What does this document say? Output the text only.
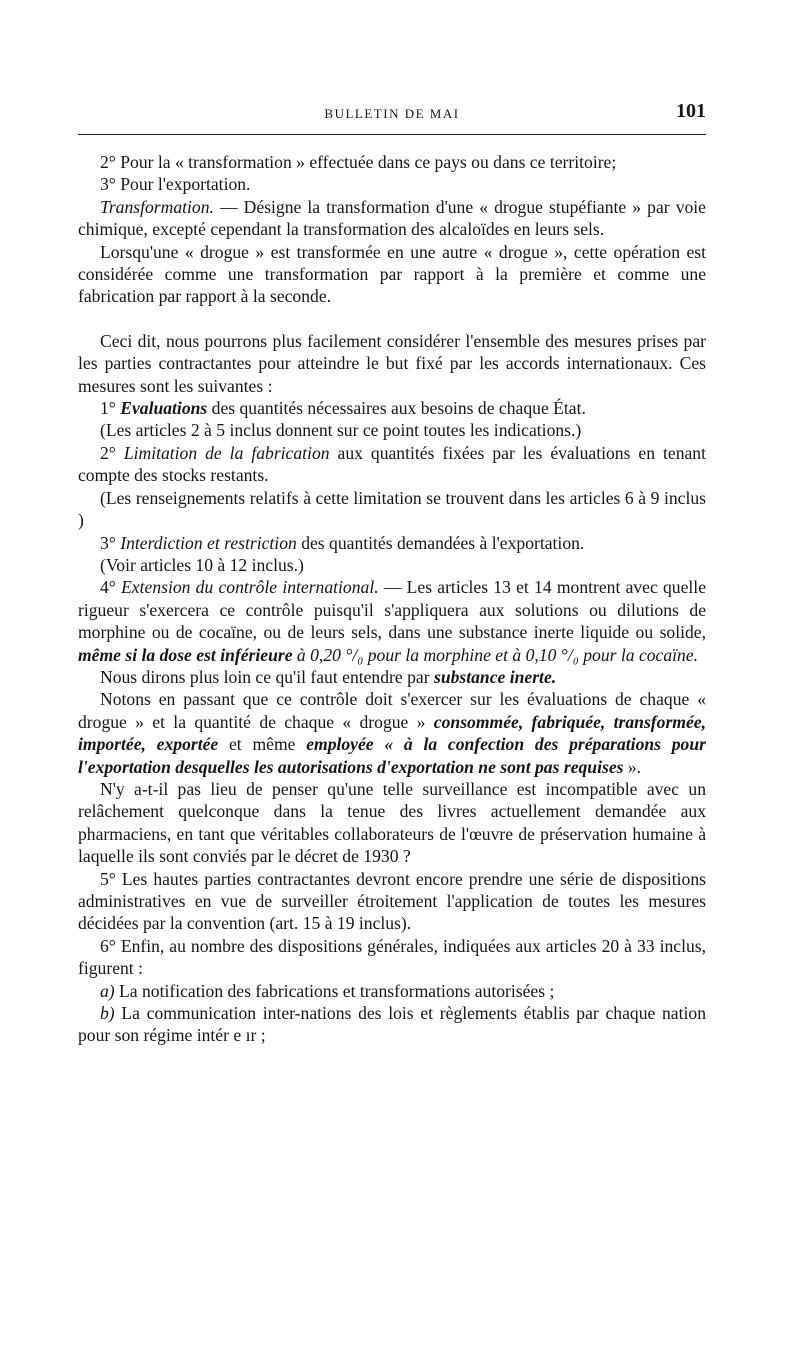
BULLETIN DE MAI	101

2° Pour la « transformation » effectuée dans ce pays ou dans ce territoire;

3° Pour l'exportation.

Transformation. — Désigne la transformation d'une « drogue stupéfiante » par voie chimique, excepté cependant la transformation des alcaloïdes en leurs sels.

Lorsqu'une « drogue » est transformée en une autre « drogue », cette opération est considérée comme une transformation par rapport à la première et comme une fabrication par rapport à la seconde.

Ceci dit, nous pourrons plus facilement considérer l'ensemble des mesures prises par les parties contractantes pour atteindre le but fixé par les accords internationaux. Ces mesures sont les suivantes :

1° Evaluations des quantités nécessaires aux besoins de chaque État.

(Les articles 2 à 5 inclus donnent sur ce point toutes les indications.)

2° Limitation de la fabrication aux quantités fixées par les évaluations en tenant compte des stocks restants.

(Les renseignements relatifs à cette limitation se trouvent dans les articles 6 à 9 inclus )

3° Interdiction et restriction des quantités demandées à l'exportation.

(Voir articles 10 à 12 inclus.)

4° Extension du contrôle international. — Les articles 13 et 14 montrent avec quelle rigueur s'exercera ce contrôle puisqu'il s'appliquera aux solutions ou dilutions de morphine ou de cocaïne, ou de leurs sels, dans une substance inerte liquide ou solide, même si la dose est inférieure à 0,20 °/₀ pour la morphine et à 0,10 °/₀ pour la cocaïne.

Nous dirons plus loin ce qu'il faut entendre par substance inerte.

Notons en passant que ce contrôle doit s'exercer sur les évaluations de chaque « drogue » et la quantité de chaque « drogue » consommée, fabriquée, transformée, importée, exportée et même employée « à la confection des préparations pour l'exportation desquelles les autorisations d'exportation ne sont pas requises ».

N'y a-t-il pas lieu de penser qu'une telle surveillance est incompatible avec un relâchement quelconque dans la tenue des livres actuellement demandée aux pharmaciens, en tant que véritables collaborateurs de l'œuvre de préservation humaine à laquelle ils sont conviés par le décret de 1930 ?

5° Les hautes parties contractantes devront encore prendre une série de dispositions administratives en vue de surveiller étroitement l'application de toutes les mesures décidées par la convention (art. 15 à 19 inclus).

6° Enfin, au nombre des dispositions générales, indiquées aux articles 20 à 33 inclus, figurent :

a) La notification des fabrications et transformations autorisées ;

b) La communication inter-nations des lois et règlements établis par chaque nation pour son régime intér e ır ;
